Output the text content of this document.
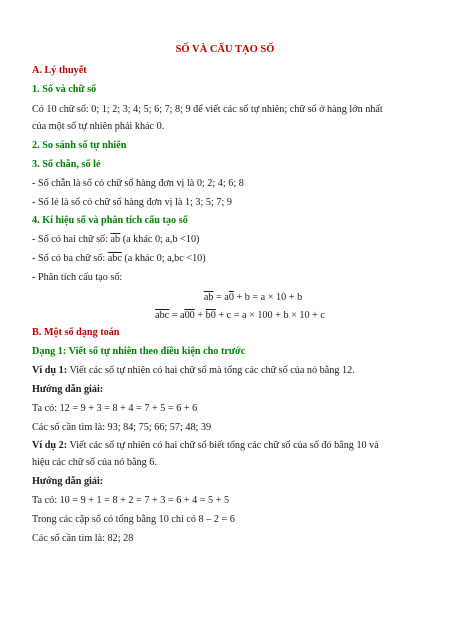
SỐ VÀ CẤU TẠO SỐ
A. Lý thuyết
1. Số và chữ số
Có 10 chữ số: 0; 1; 2; 3; 4; 5; 6; 7; 8; 9 để viết các số tự nhiên; chữ số ở hàng lớn nhất
của một số tự nhiên phải khác 0.
2. So sánh số tự nhiên
3. Số chẵn, số lẻ
- Số chẵn là số có chữ số hàng đơn vị là 0; 2; 4; 6; 8
- Số lẻ là số có chữ số hàng đơn vị là 1; 3; 5; 7; 9
4. Kí hiệu số và phân tích cấu tạo số
- Số có hai chữ số: $\overline{ab}$ (a khác 0; a,b <10)
- Số có ba chữ số: $\overline{abc}$ (a khác 0; a,bc <10)
- Phân tích cấu tạo số:
$\overline{ab} = a0 + b = a \times 10 + b$
$\overline{abc} = a00 + b0 + c = a \times 100 + b \times 10 + c$
B. Một số dạng toán
Dạng 1: Viết số tự nhiên theo điều kiện cho trước
Ví dụ 1: Viết các số tự nhiên có hai chữ số mà tổng các chữ số của nó bằng 12.
Hướng dẫn giải:
Ta có: 12 = 9 + 3 = 8 + 4 = 7 + 5 = 6 + 6
Các số cần tìm là: 93; 84; 75; 66; 57; 48; 39
Ví dụ 2: Viết các số tự nhiên có hai chữ số biết tổng các chữ số của số đó bằng 10 và
hiệu các chữ số của nó bằng 6.
Hướng dẫn giải:
Ta có: 10 = 9 + 1 = 8 + 2 = 7 + 3 = 6 + 4 = 5 + 5
Trong các cặp số có tổng bằng 10 chỉ có 8 – 2 = 6
Các số cần tìm là: 82; 28
